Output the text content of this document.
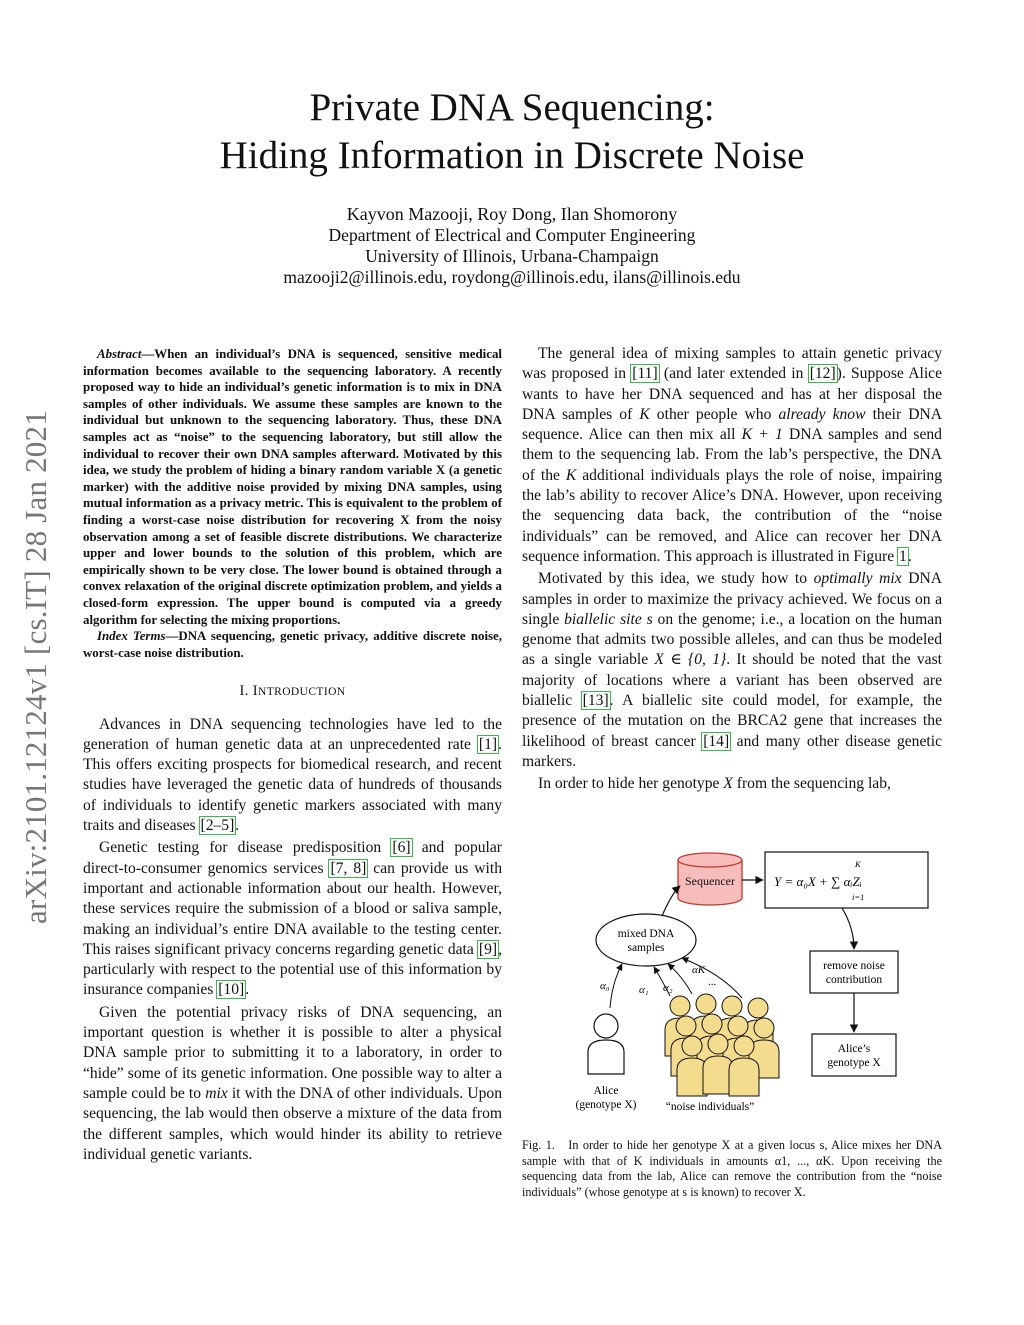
arXiv:2101.12124v1 [cs.IT] 28 Jan 2021
Private DNA Sequencing:
Hiding Information in Discrete Noise
Kayvon Mazooji, Roy Dong, Ilan Shomorony
Department of Electrical and Computer Engineering
University of Illinois, Urbana-Champaign
mazooji2@illinois.edu, roydong@illinois.edu, ilans@illinois.edu

Abstract—When an individual’s DNA is sequenced, sensitive medical information becomes available to the sequencing laboratory. A recently proposed way to hide an individual’s genetic information is to mix in DNA samples of other individuals. We assume these samples are known to the individual but unknown to the sequencing laboratory. Thus, these DNA samples act as “noise” to the sequencing laboratory, but still allow the individual to recover their own DNA samples afterward. Motivated by this idea, we study the problem of hiding a binary random variable X (a genetic marker) with the additive noise provided by mixing DNA samples, using mutual information as a privacy metric. This is equivalent to the problem of finding a worst-case noise distribution for recovering X from the noisy observation among a set of feasible discrete distributions. We characterize upper and lower bounds to the solution of this problem, which are empirically shown to be very close. The lower bound is obtained through a convex relaxation of the original discrete optimization problem, and yields a closed-form expression. The upper bound is computed via a greedy algorithm for selecting the mixing proportions.

Index Terms—DNA sequencing, genetic privacy, additive discrete noise, worst-case noise distribution.

I. INTRODUCTION

Advances in DNA sequencing technologies have led to the generation of human genetic data at an unprecedented rate [1]. This offers exciting prospects for biomedical research, and recent studies have leveraged the genetic data of hundreds of thousands of individuals to identify genetic markers associated with many traits and diseases [2–5].

Genetic testing for disease predisposition [6] and popular direct-to-consumer genomics services [7, 8] can provide us with important and actionable information about our health. However, these services require the submission of a blood or saliva sample, making an individual’s entire DNA available to the testing center. This raises significant privacy concerns regarding genetic data [9], particularly with respect to the potential use of this information by insurance companies [10].

Given the potential privacy risks of DNA sequencing, an important question is whether it is possible to alter a physical DNA sample prior to submitting it to a laboratory, in order to “hide” some of its genetic information. One possible way to alter a sample could be to mix it with the DNA of other individuals. Upon sequencing, the lab would then observe a mixture of the data from the different samples, which would hinder its ability to retrieve individual genetic variants.

The general idea of mixing samples to attain genetic privacy was proposed in [11] (and later extended in [12]). Suppose Alice wants to have her DNA sequenced and has at her disposal the DNA samples of K other people who already know their DNA sequence. Alice can then mix all K + 1 DNA samples and send them to the sequencing lab. From the lab’s perspective, the DNA of the K additional individuals plays the role of noise, impairing the lab’s ability to recover Alice’s DNA. However, upon receiving the sequencing data back, the contribution of the “noise individuals” can be removed, and Alice can recover her DNA sequence information. This approach is illustrated in Figure 1.

Motivated by this idea, we study how to optimally mix DNA samples in order to maximize the privacy achieved. We focus on a single biallelic site s on the genome; i.e., a location on the human genome that admits two possible alleles, and can thus be modeled as a single variable X ∈ {0, 1}. It should be noted that the vast majority of locations where a variant has been observed are biallelic [13]. A biallelic site could model, for example, the presence of the mutation on the BRCA2 gene that increases the likelihood of breast cancer [14] and many other disease genetic markers.

In order to hide her genotype X from the sequencing lab,

Sequencer	Y = α₀X + ∑ αᵢZᵢ
K
i=1
mixed DNA
samples
remove noise
contribution
Alice’s
genotype X
α₀	α₁ α₂
αK
...
Alice
(genotype X)	“noise individuals”
Fig. 1. In order to hide her genotype X at a given locus s, Alice mixes her DNA sample with that of K individuals in amounts α1, ..., αK. Upon receiving the sequencing data from the lab, Alice can remove the contribution from the “noise individuals” (whose genotype at s is known) to recover X.
